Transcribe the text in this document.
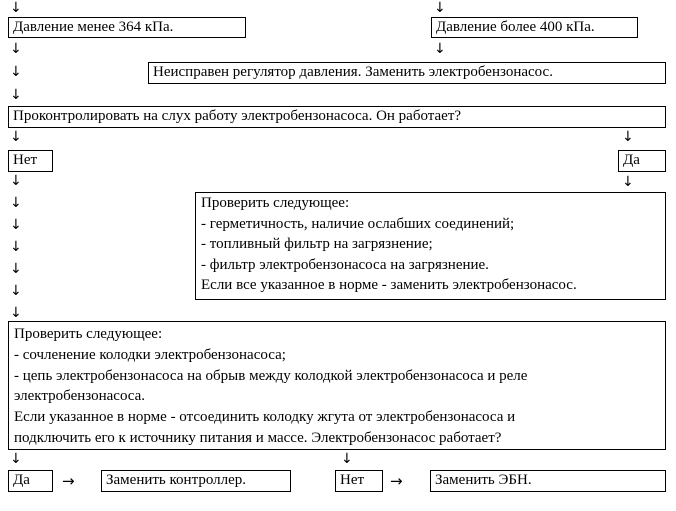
↓
↓
↓
↓
↓
↓
↓
↓
↓
↓
↓
↓
↓
↓
↓
↓
↓
↓
Давление менее 364 кПа.	Давление более 400 кПа.
Неисправен регулятор давления. Заменить электробензонасос.
Проконтролировать на слух работу электробензонасоса. Он работает?
Нет	Да
Проверить следующее:
- герметичность, наличие ослабших соединений;
- топливный фильтр на загрязнение;
- фильтр электробензонасоса на загрязнение.
Если все указанное в норме - заменить электробензонасос.
Проверить следующее:
- сочленение колодки электробензонасоса;
- цепь электробензонасоса на обрыв между колодкой электробензонасоса и реле
электробензонасоса.
Если указанное в норме - отсоединить колодку жгута от электробензонасоса и
подключить его к источнику питания и массе. Электробензонасос работает?
Да	→	Заменить контроллер.	Нет	→	Заменить ЭБН.
